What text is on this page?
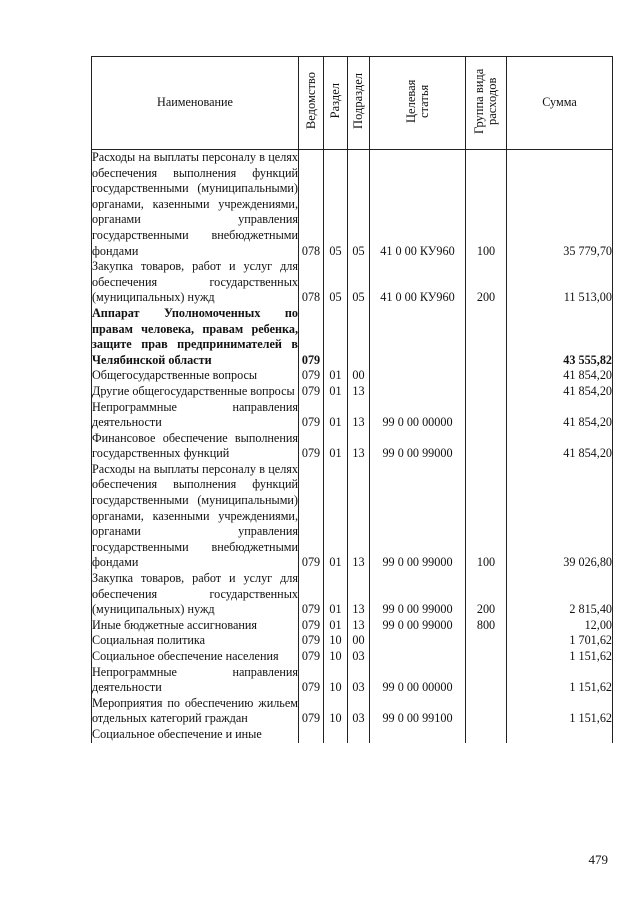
Наименование	Ведомство	Раздел	Подраздел	Целевая статья	Группа вида расходов	Сумма
Расходы на выплаты персоналу в целях обеспечения выполнения функций государственными (муниципальными) органами, казенными учреждениями, органами управления государственными внебюджетными фондами	078	05	05	41 0 00 КУ960	100	35 779,70
Закупка товаров, работ и услуг для обеспечения государственных (муниципальных) нужд	078	05	05	41 0 00 КУ960	200	11 513,00
Аппарат Уполномоченных по правам человека, правам ребенка, защите прав предпринимателей в Челябинской области	079					43 555,82
Общегосударственные вопросы	079	01	00			41 854,20
Другие общегосударственные вопросы	079	01	13			41 854,20
Непрограммные направления деятельности	079	01	13	99 0 00 00000		41 854,20
Финансовое обеспечение выполнения государственных функций	079	01	13	99 0 00 99000		41 854,20
Расходы на выплаты персоналу в целях обеспечения выполнения функций государственными (муниципальными) органами, казенными учреждениями, органами управления государственными внебюджетными фондами	079	01	13	99 0 00 99000	100	39 026,80
Закупка товаров, работ и услуг для обеспечения государственных (муниципальных) нужд	079	01	13	99 0 00 99000	200	2 815,40
Иные бюджетные ассигнования	079	01	13	99 0 00 99000	800	12,00
Социальная политика	079	10	00			1 701,62
Социальное обеспечение населения	079	10	03			1 151,62
Непрограммные направления деятельности	079	10	03	99 0 00 00000		1 151,62
Мероприятия по обеспечению жильем отдельных категорий граждан	079	10	03	99 0 00 99100		1 151,62
Социальное обеспечение и иные						
479
